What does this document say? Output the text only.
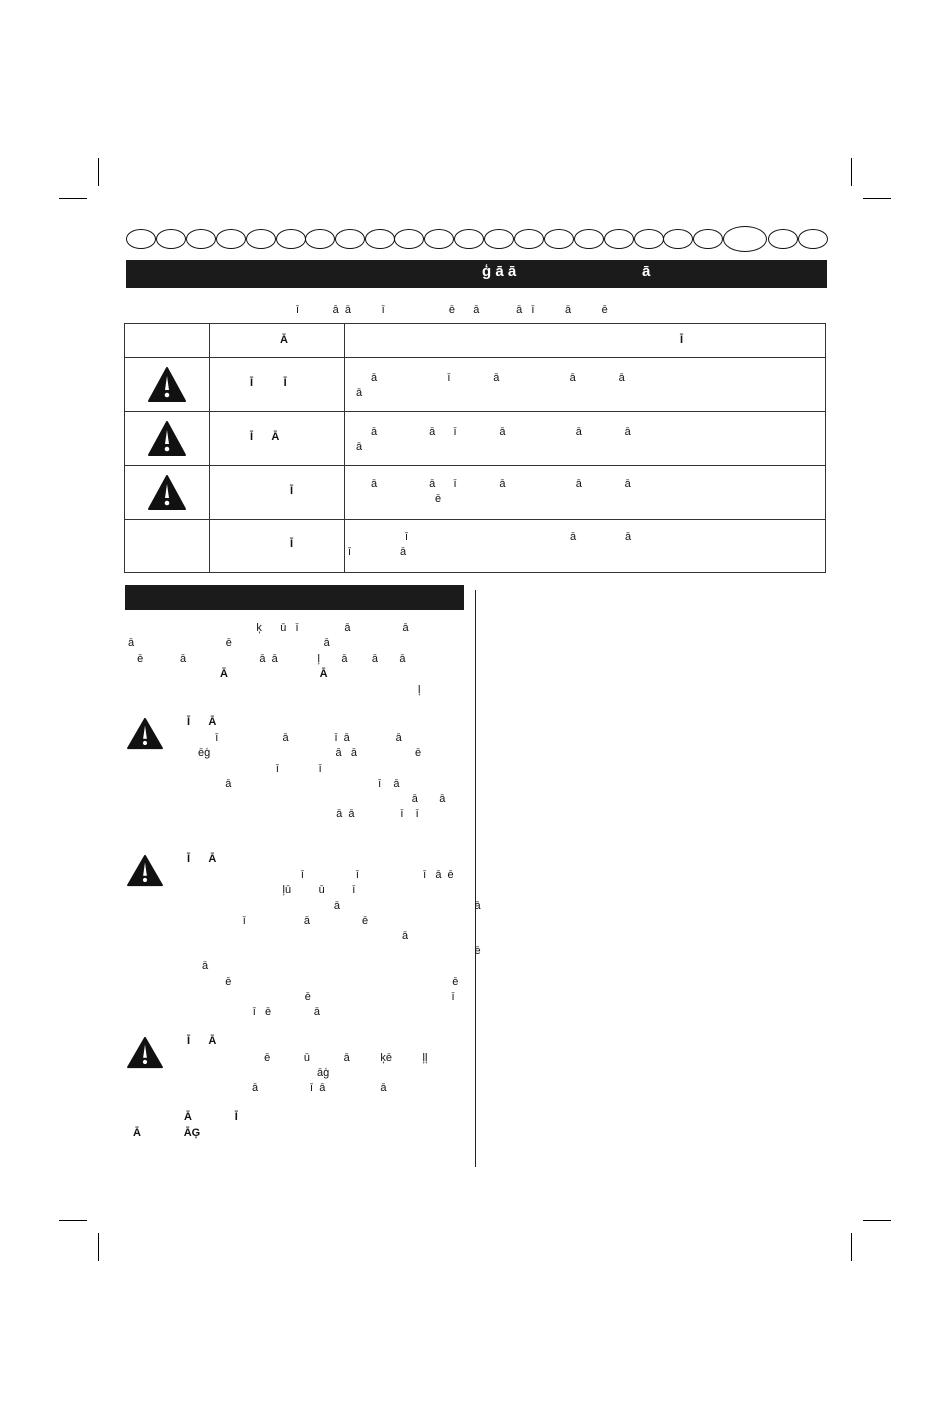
ģ ā ā	ā
ī           ā  ā          ī                     ē      ā            ā   ī          ā          ē

	Ā	Ī

Ī          Ī	ā                       ī              ā                       ā              ā
ā

Ī      Ā	ā                 ā      ī              ā                       ā              ā
ā

Ī	ā                 ā      ī              ā                       ā              ā
ē

	Ī	ī                                                     ā                ā
ī                ā
ķ      ū   ī               ā                 ā
ā                              ē                              ā
ē            ā                        ā  ā             ļ       ā        ā       ā
Ā                              Ā
ļ
Ī      Ā
ī                     ā               ī  ā               ā
ēģ                                         ā   ā                   ē
ī             ī
ā                                                ī    ā
ā       ā
ā  ā               ī    ī
Ī      Ā
ī                 ī                     ī   ā  ē
ļū         ū         ī
ā                                            ā
ī                   ā                 ē
ā
ē
ā
ē
ē                                              ī
ī   ē              ā
ē
Ī      Ā
ē           ū           ā          ķē          ļļ
āģ
ā                 ī  ā                  ā
Ā              Ī
Ā              ĀĢ
